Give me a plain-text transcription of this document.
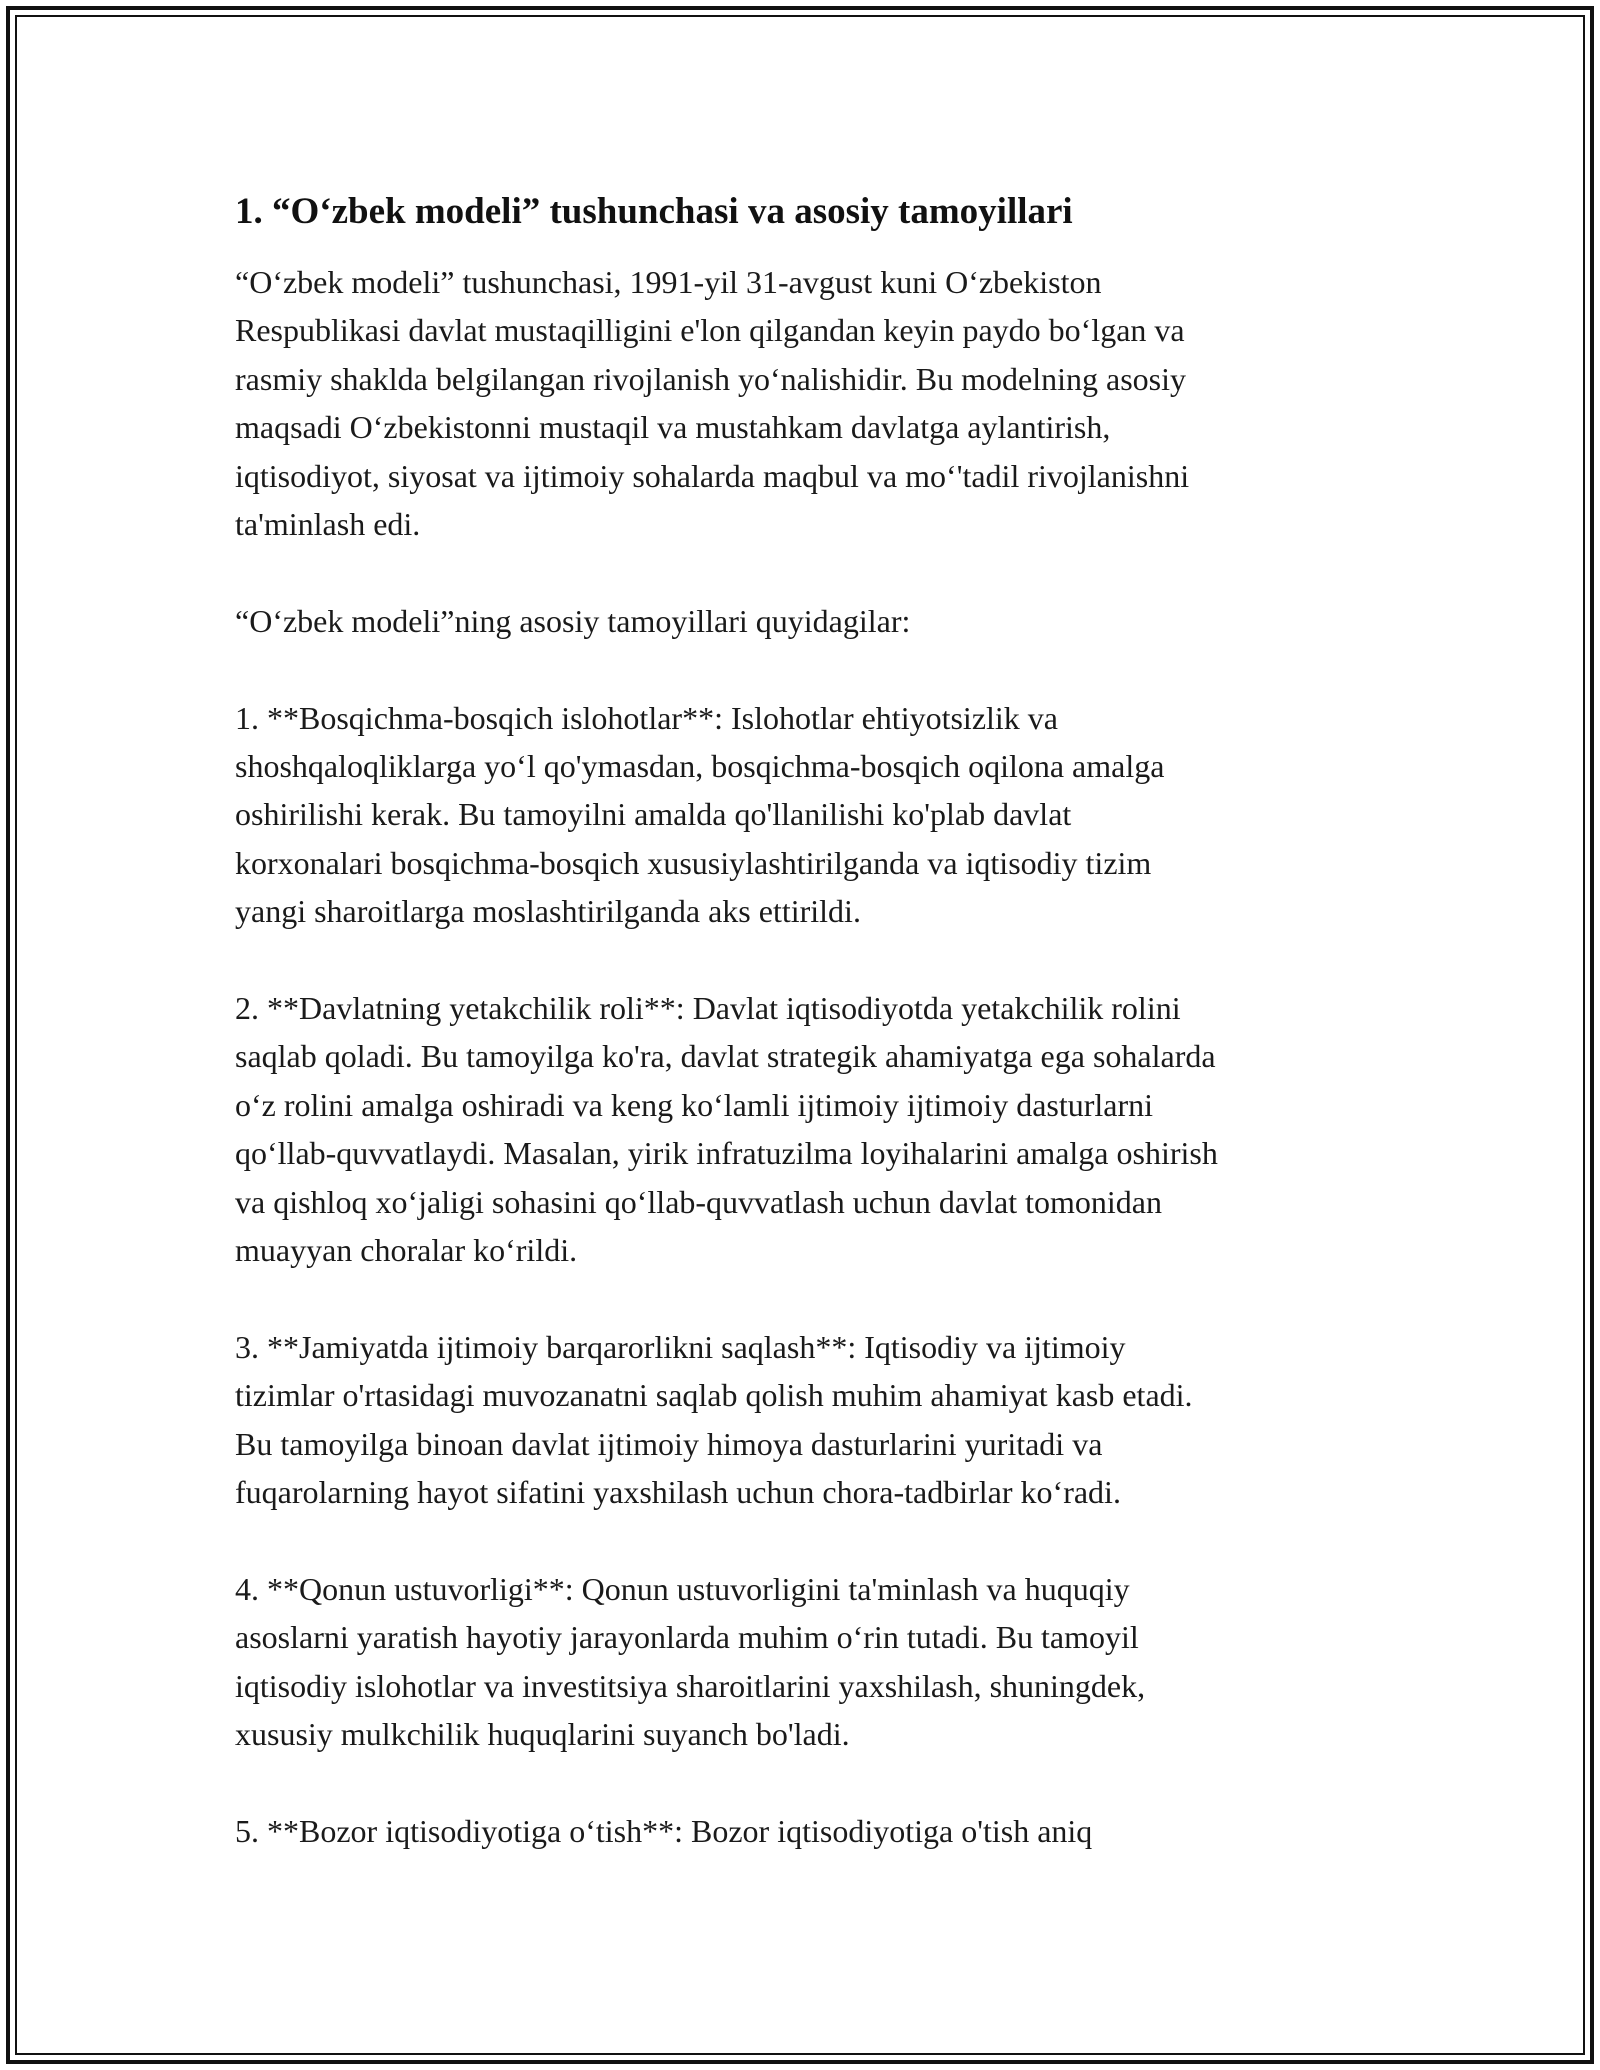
1. “O‘zbek modeli” tushunchasi va asosiy tamoyillari

“O‘zbek modeli” tushunchasi, 1991-yil 31-avgust kuni O‘zbekiston
Respublikasi davlat mustaqilligini e'lon qilgandan keyin paydo bo‘lgan va
rasmiy shaklda belgilangan rivojlanish yo‘nalishidir. Bu modelning asosiy
maqsadi O‘zbekistonni mustaqil va mustahkam davlatga aylantirish,
iqtisodiyot, siyosat va ijtimoiy sohalarda maqbul va mo‘'tadil rivojlanishni
ta'minlash edi.

“O‘zbek modeli”ning asosiy tamoyillari quyidagilar:

1. **Bosqichma-bosqich islohotlar**: Islohotlar ehtiyotsizlik va
shoshqaloqliklarga yo‘l qo'ymasdan, bosqichma-bosqich oqilona amalga
oshirilishi kerak. Bu tamoyilni amalda qo'llanilishi ko'plab davlat
korxonalari bosqichma-bosqich xususiylashtirilganda va iqtisodiy tizim
yangi sharoitlarga moslashtirilganda aks ettirildi.

2. **Davlatning yetakchilik roli**: Davlat iqtisodiyotda yetakchilik rolini
saqlab qoladi. Bu tamoyilga ko'ra, davlat strategik ahamiyatga ega sohalarda
o‘z rolini amalga oshiradi va keng ko‘lamli ijtimoiy ijtimoiy dasturlarni
qo‘llab-quvvatlaydi. Masalan, yirik infratuzilma loyihalarini amalga oshirish
va qishloq xo‘jaligi sohasini qo‘llab-quvvatlash uchun davlat tomonidan
muayyan choralar ko‘rildi.

3. **Jamiyatda ijtimoiy barqarorlikni saqlash**: Iqtisodiy va ijtimoiy
tizimlar o'rtasidagi muvozanatni saqlab qolish muhim ahamiyat kasb etadi.
Bu tamoyilga binoan davlat ijtimoiy himoya dasturlarini yuritadi va
fuqarolarning hayot sifatini yaxshilash uchun chora-tadbirlar ko‘radi.

4. **Qonun ustuvorligi**: Qonun ustuvorligini ta'minlash va huquqiy
asoslarni yaratish hayotiy jarayonlarda muhim o‘rin tutadi. Bu tamoyil
iqtisodiy islohotlar va investitsiya sharoitlarini yaxshilash, shuningdek,
xususiy mulkchilik huquqlarini suyanch bo'ladi.

5. **Bozor iqtisodiyotiga o‘tish**: Bozor iqtisodiyotiga o'tish aniq
